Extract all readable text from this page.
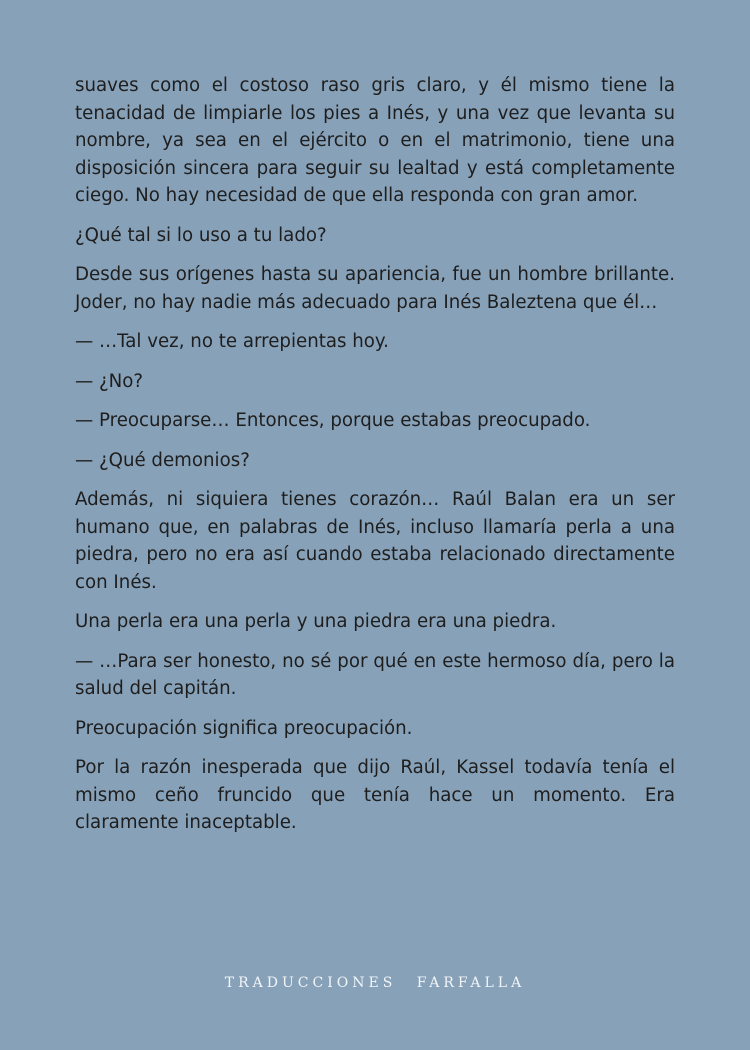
suaves como el costoso raso gris claro, y él mismo tiene la tenacidad de limpiarle los pies a Inés, y una vez que levanta su nombre, ya sea en el ejército o en el matrimonio, tiene una disposición sincera para seguir su lealtad y está completamente ciego. No hay necesidad de que ella responda con gran amor.

¿Qué tal si lo uso a tu lado?

Desde sus orígenes hasta su apariencia, fue un hombre brillante. Joder, no hay nadie más adecuado para Inés Baleztena que él…

— …Tal vez, no te arrepientas hoy.

— ¿No?

— Preocuparse… Entonces, porque estabas preocupado.

— ¿Qué demonios?

Además, ni siquiera tienes corazón… Raúl Balan era un ser humano que, en palabras de Inés, incluso llamaría perla a una piedra, pero no era así cuando estaba relacionado directamente con Inés.

Una perla era una perla y una piedra era una piedra.

— …Para ser honesto, no sé por qué en este hermoso día, pero la salud del capitán.

Preocupación significa preocupación.

Por la razón inesperada que dijo Raúl, Kassel todavía tenía el mismo ceño fruncido que tenía hace un momento. Era claramente inaceptable.

TRADUCCIONES FARFALLA
